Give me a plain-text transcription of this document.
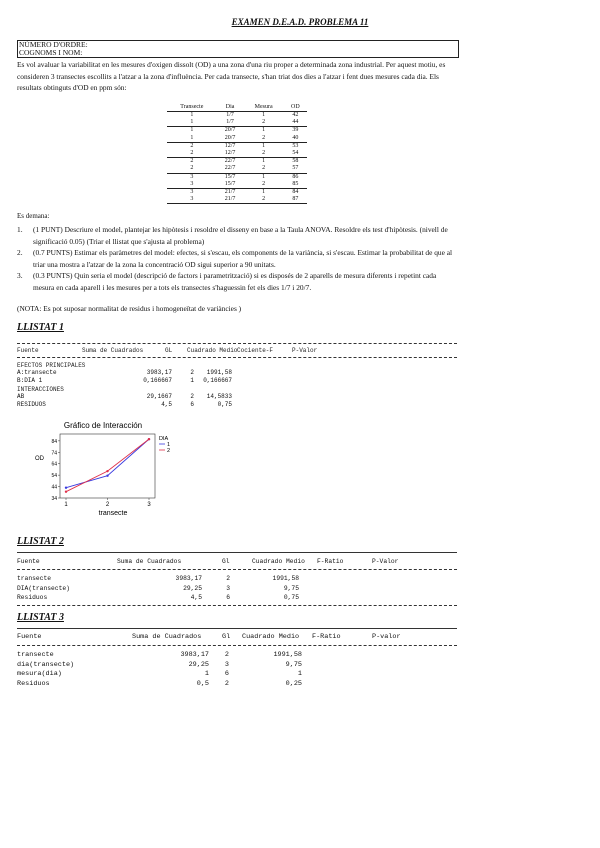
EXAMEN D.E.A.D. PROBLEMA 11
NÚMERO D'ORDRE:
COGNOMS I NOM:
Es vol avaluar la variabilitat en les mesures d'oxigen dissolt (OD) a una zona d'una riu proper a determinada zona industrial. Per aquest motiu, es consideren 3 transectes escollits a l'atzar a la zona d'influència. Per cada transecte, s'han triat dos dies a l'atzar i fent dues mesures cada dia. Els resultats obtinguts d'OD en ppm són:
Transecte	Dia	Mesura	OD
1	1/7	1	42
1	1/7	2	44
1	20/7	1	39
1	20/7	2	40
2	12/7	1	53
2	12/7	2	54
2	22/7	1	58
2	22/7	2	57
3	15/7	1	86
3	15/7	2	85
3	21/7	1	84
3	21/7	2	87
Es demana:
1. (1 PUNT) Descriure el model, plantejar les hipòtesis i resoldre el disseny en base a la Taula ANOVA. Resoldre els test d'hipòtesis. (nivell de significació 0.05) (Triar el llistat que s'ajusta al problema)
2. (0.7 PUNTS) Estimar els paràmetres del model: efectes, si s'escau, els components de la variància, si s'escau. Estimar la probabilitat de que al triar una mostra a l'atzar de la zona la concentració OD sigui superior a 90 unitats.
3. (0.3 PUNTS) Quin seria el model (descripció de factors i parametrització) si es disposés de 2 aparells de mesura diferents i repetint cada mesura en cada aparell i les mesures per a tots els transectes s'haguessin fet els dies 1/7 i 20/7.
(NOTA: Es pot suposar normalitat de residus i homogeneïtat de variàncies )
LLISTAT 1
Fuente	Suma de Cuadrados	GL Cuadrado Medio Cociente-F	P-Valor
EFECTOS PRINCIPALES
A:transecte	3983,17	2 1991,58
B:DIA 1	0,166667	1 0,166667
INTERACCIONES
AB	29,1667	2 14,5833
RESIDUOS	4,5	6	0,75
Gráfico de Interacción
OD
transecte
34
44
54
64
74
84
1	2	3
DIA
1
2
LLISTAT 2
Fuente	Suma de Cuadrados	Gl	Cuadrado Medio F-Ratio	P-Valor
transecte	3983,17	2	1991,58
DIA(transecte)	29,25	3	9,75
Residuos	4,5	6	0,75
LLISTAT 3
Fuente	Suma de Cuadrados	Gl Cuadrado Medio F-Ratio	P-valor
transecte	3983,17 2	1991,58
dia(transecte)	29,25 3	9,75
mesura(dia)	1 6	1
Residuos	0,5 2	0,25
